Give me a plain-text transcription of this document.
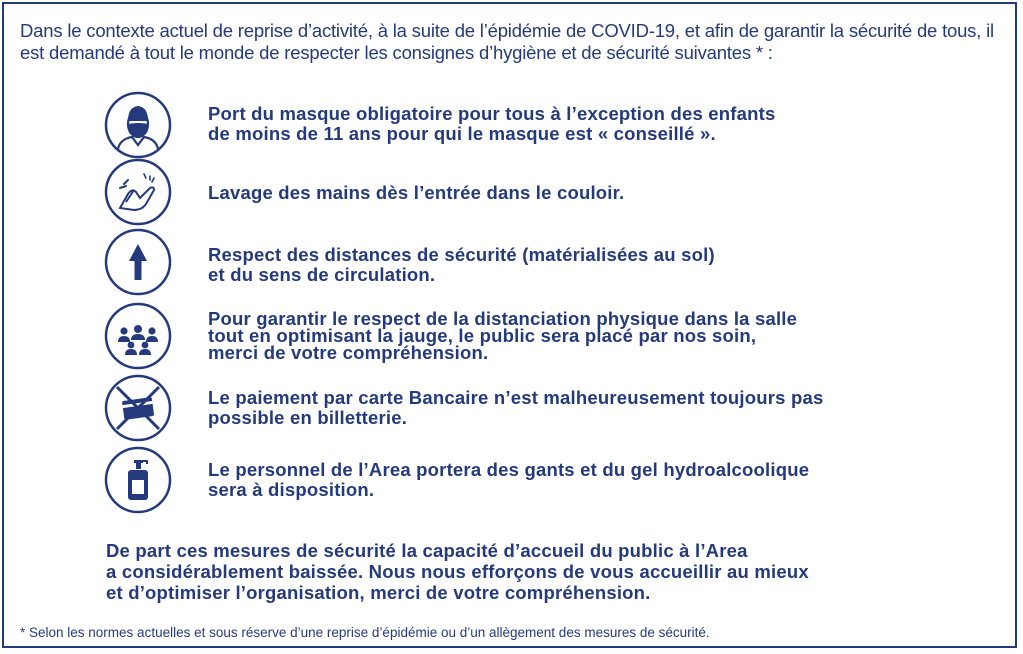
Dans le contexte actuel de reprise d’activité, à la suite de l’épidémie de COVID-19, et afin de garantir la sécurité de tous, il est demandé à tout le monde de respecter les consignes d’hygiène et de sécurité suivantes * :

Port du masque obligatoire pour tous à l’exception des enfants
de moins de 11 ans pour qui le masque est « conseillé ».
Lavage des mains dès l’entrée dans le couloir.
Respect des distances de sécurité (matérialisées au sol)
et du sens de circulation.
Pour garantir le respect de la distanciation physique dans la salle
tout en optimisant la jauge, le public sera placé par nos soin,
merci de votre compréhension.
Le paiement par carte Bancaire n’est malheureusement toujours pas
possible en billetterie.
Le personnel de l’Area portera des gants et du gel hydroalcoolique
sera à disposition.
De part ces mesures de sécurité la capacité d’accueil du public à l’Area
a considérablement baissée. Nous nous efforçons de vous accueillir au mieux
et d’optimiser l’organisation, merci de votre compréhension.
* Selon les normes actuelles et sous réserve d’une reprise d’épidémie ou d’un allègement des mesures de sécurité.
